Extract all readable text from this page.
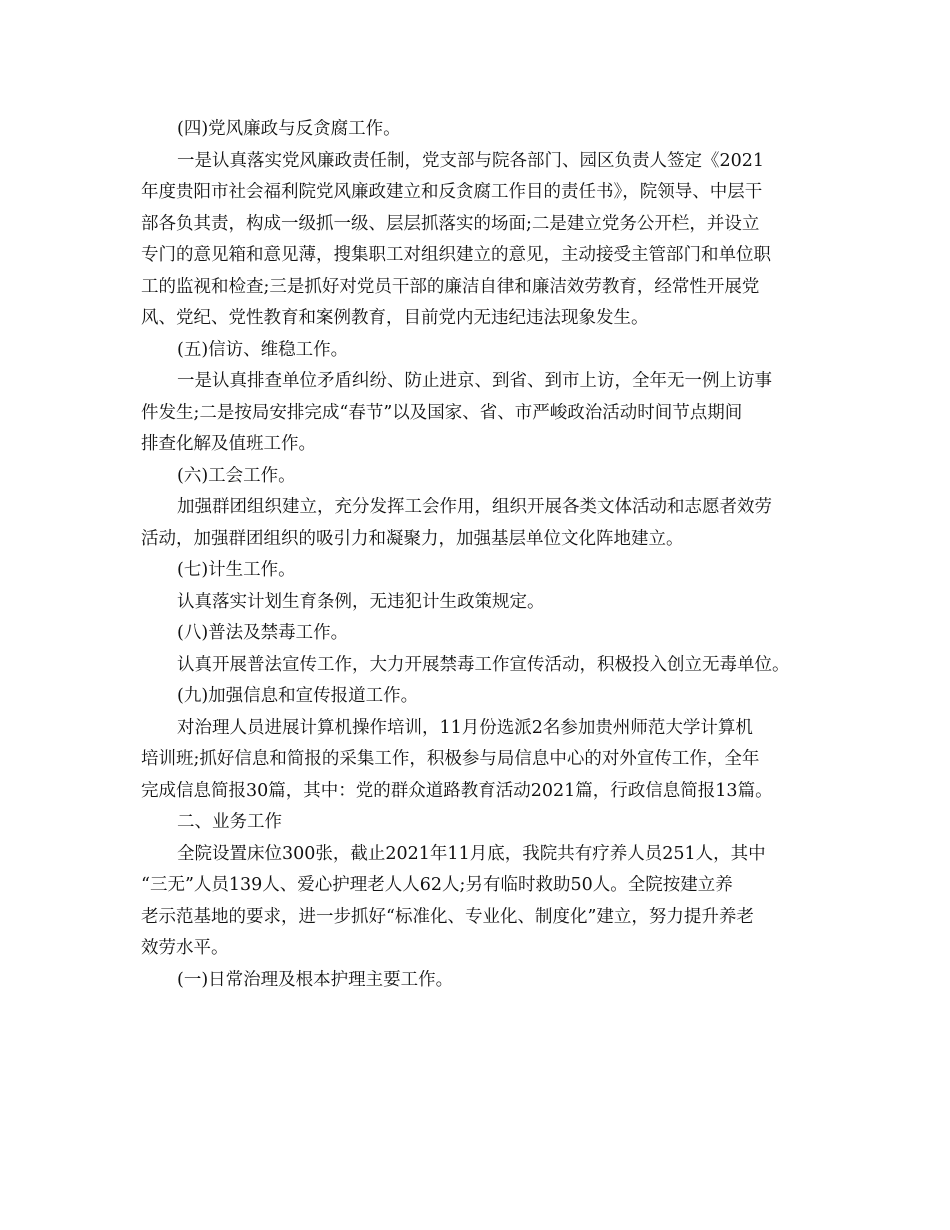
(四)党风廉政与反贪腐工作。
一是认真落实党风廉政责任制，党支部与院各部门、园区负责人签定《2021
年度贵阳市社会福利院党风廉政建立和反贪腐工作目的责任书》，院领导、中层干
部各负其责，构成一级抓一级、层层抓落实的场面;二是建立党务公开栏，并设立
专门的意见箱和意见薄，搜集职工对组织建立的意见，主动接受主管部门和单位职
工的监视和检查;三是抓好对党员干部的廉洁自律和廉洁效劳教育，经常性开展党
风、党纪、党性教育和案例教育，目前党内无违纪违法现象发生。
(五)信访、维稳工作。
一是认真排查单位矛盾纠纷、防止进京、到省、到市上访，全年无一例上访事
件发生;二是按局安排完成“春节”以及国家、省、市严峻政治活动时间节点期间
排查化解及值班工作。
(六)工会工作。
加强群团组织建立，充分发挥工会作用，组织开展各类文体活动和志愿者效劳
活动，加强群团组织的吸引力和凝聚力，加强基层单位文化阵地建立。
(七)计生工作。
认真落实计划生育条例，无违犯计生政策规定。
(八)普法及禁毒工作。
认真开展普法宣传工作，大力开展禁毒工作宣传活动，积极投入创立无毒单位。
(九)加强信息和宣传报道工作。
对治理人员进展计算机操作培训，11月份选派2名参加贵州师范大学计算机
培训班;抓好信息和简报的采集工作，积极参与局信息中心的对外宣传工作，全年
完成信息简报30篇，其中：党的群众道路教育活动2021篇，行政信息简报13篇。
二、业务工作
全院设置床位300张，截止2021年11月底，我院共有疗养人员251人，其中
“三无”人员139人、爱心护理老人人62人;另有临时救助50人。全院按建立养
老示范基地的要求，进一步抓好“标准化、专业化、制度化”建立，努力提升养老
效劳水平。
(一)日常治理及根本护理主要工作。
